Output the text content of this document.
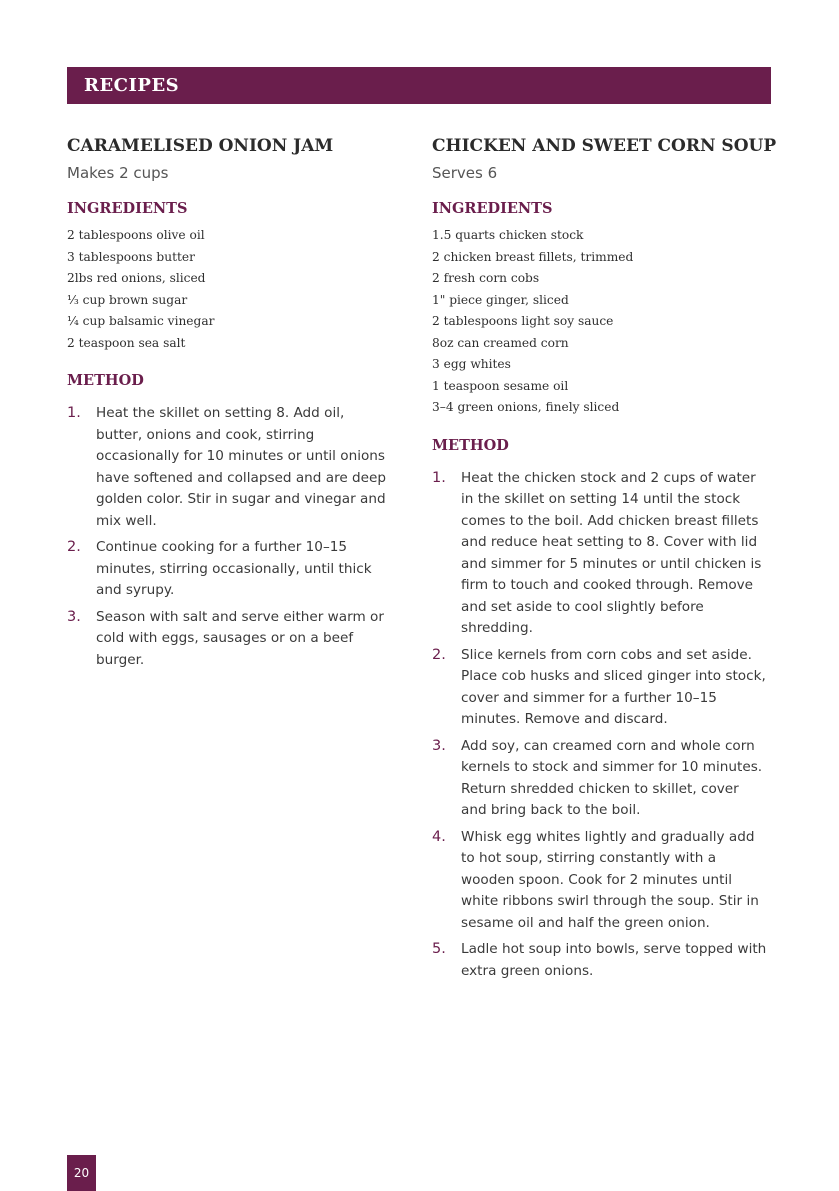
RECIPES
CARAMELISED ONION JAM
Makes 2 cups
INGREDIENTS
2 tablespoons olive oil
3 tablespoons butter
2lbs red onions, sliced
⅓ cup brown sugar
¼ cup balsamic vinegar
2 teaspoon sea salt
METHOD
1. Heat the skillet on setting 8. Add oil, butter, onions and cook, stirring occasionally for 10 minutes or until onions have softened and collapsed and are deep golden color. Stir in sugar and vinegar and mix well.
2. Continue cooking for a further 10–15 minutes, stirring occasionally, until thick and syrupy.
3. Season with salt and serve either warm or cold with eggs, sausages or on a beef burger.
CHICKEN AND SWEET CORN SOUP
Serves 6
INGREDIENTS
1.5 quarts chicken stock
2 chicken breast fillets, trimmed
2 fresh corn cobs
1" piece ginger, sliced
2 tablespoons light soy sauce
8oz can creamed corn
3 egg whites
1 teaspoon sesame oil
3–4 green onions, finely sliced
METHOD
1. Heat the chicken stock and 2 cups of water in the skillet on setting 14 until the stock comes to the boil. Add chicken breast fillets and reduce heat setting to 8. Cover with lid and simmer for 5 minutes or until chicken is firm to touch and cooked through. Remove and set aside to cool slightly before shredding.
2. Slice kernels from corn cobs and set aside. Place cob husks and sliced ginger into stock, cover and simmer for a further 10–15 minutes. Remove and discard.
3. Add soy, can creamed corn and whole corn kernels to stock and simmer for 10 minutes. Return shredded chicken to skillet, cover and bring back to the boil.
4. Whisk egg whites lightly and gradually add to hot soup, stirring constantly with a wooden spoon. Cook for 2 minutes until white ribbons swirl through the soup. Stir in sesame oil and half the green onion.
5. Ladle hot soup into bowls, serve topped with extra green onions.
20
